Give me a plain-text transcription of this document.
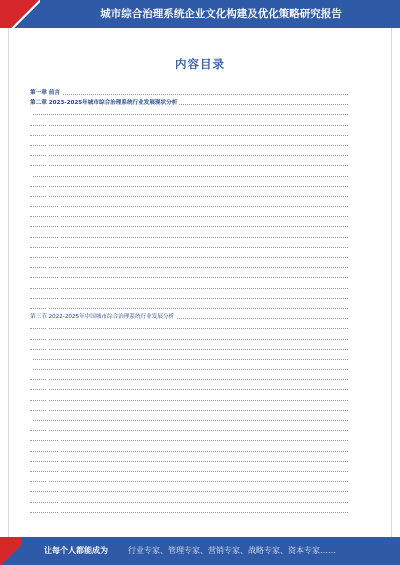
城市综合治理系统企业文化构建及优化策略研究报告
内容目录
第一章 前言
第二章 2023-2025年城市综合治理系统行业发展现状分析
第三节 2022-2025年中国城市综合治理系统行业发展分析
让每个人都能成为	行业专家、管理专家、营销专家、战略专家、资本专家……
